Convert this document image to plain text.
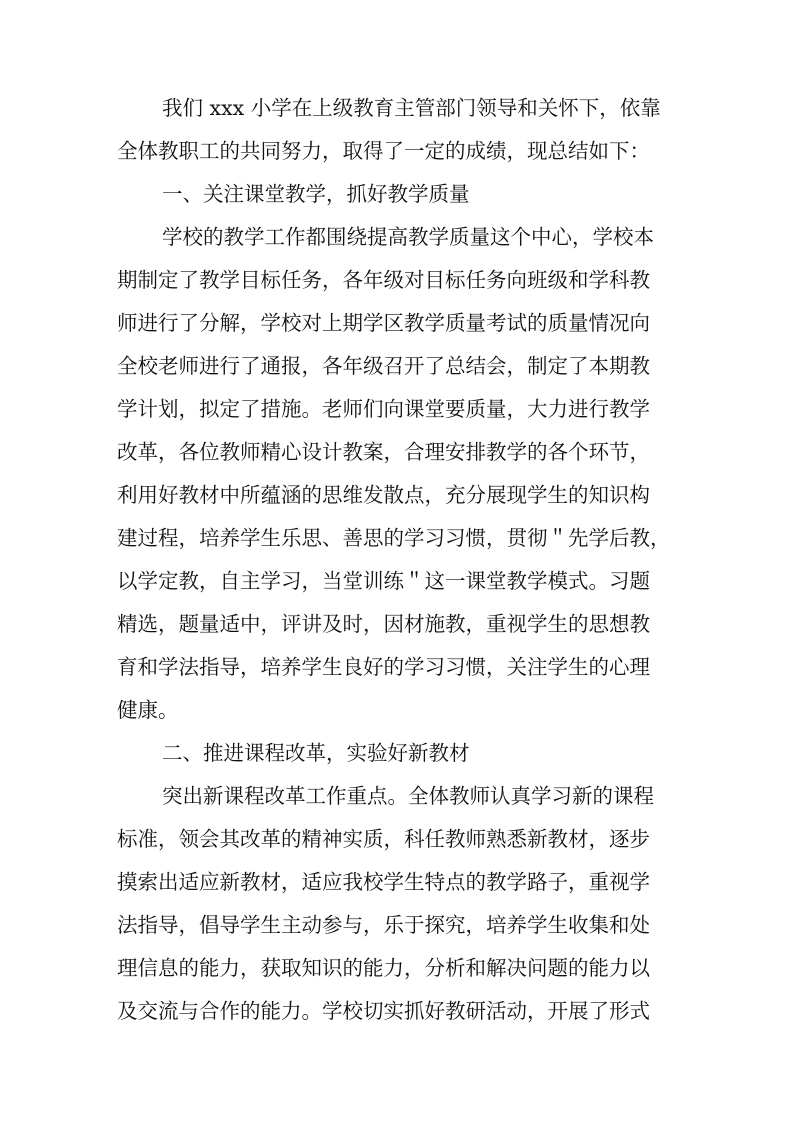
我们 xxx 小学在上级教育主管部门领导和关怀下，依靠
全体教职工的共同努力，取得了一定的成绩，现总结如下：
一、关注课堂教学，抓好教学质量
学校的教学工作都围绕提高教学质量这个中心，学校本
期制定了教学目标任务，各年级对目标任务向班级和学科教
师进行了分解，学校对上期学区教学质量考试的质量情况向
全校老师进行了通报，各年级召开了总结会，制定了本期教
学计划，拟定了措施。老师们向课堂要质量，大力进行教学
改革，各位教师精心设计教案，合理安排教学的各个环节，
利用好教材中所蕴涵的思维发散点，充分展现学生的知识构
建过程，培养学生乐思、善思的学习习惯，贯彻＂先学后教，
以学定教，自主学习，当堂训练＂这一课堂教学模式。习题
精选，题量适中，评讲及时，因材施教，重视学生的思想教
育和学法指导，培养学生良好的学习习惯，关注学生的心理
健康。
二、推进课程改革，实验好新教材
突出新课程改革工作重点。全体教师认真学习新的课程
标准，领会其改革的精神实质，科任教师熟悉新教材，逐步
摸索出适应新教材，适应我校学生特点的教学路子，重视学
法指导，倡导学生主动参与，乐于探究，培养学生收集和处
理信息的能力，获取知识的能力，分析和解决问题的能力以
及交流与合作的能力。学校切实抓好教研活动，开展了形式
